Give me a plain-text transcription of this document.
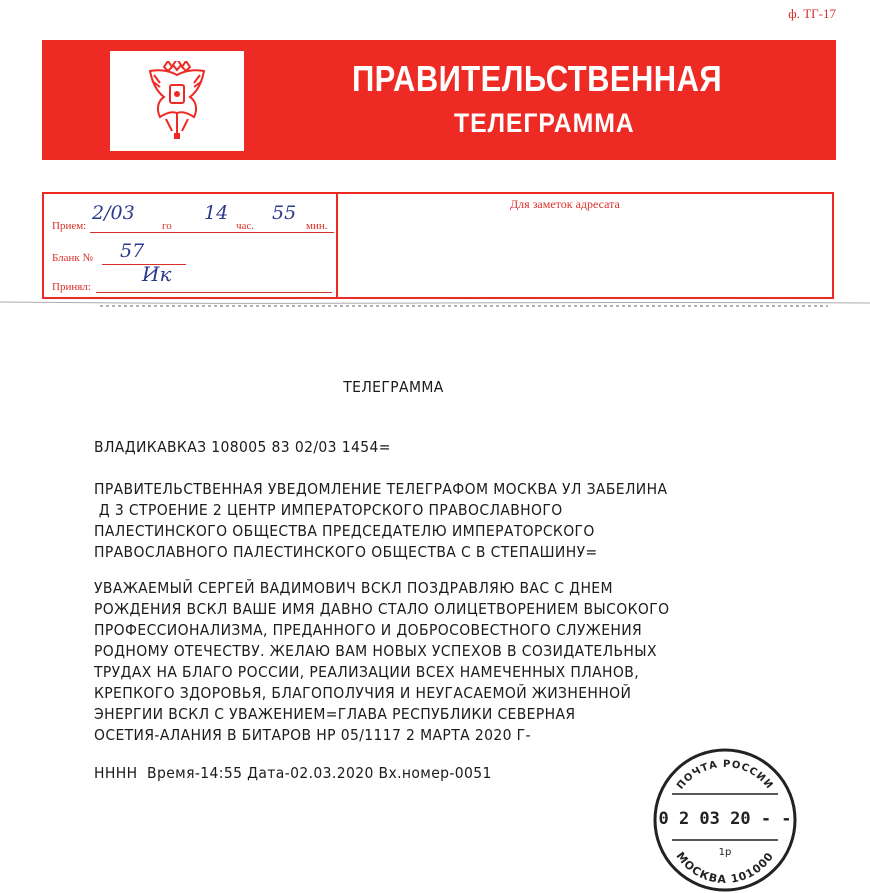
ф. ТГ-17
ПРАВИТЕЛЬСТВЕННАЯ
ТЕЛЕГРАММА
Прием:
2/03
го
14
час.
55
мин.
Бланк № 57
Принял:
Ик
Для заметок адресата
ТЕЛЕГРАММА
ВЛАДИКАВКАЗ 108005 83 02/03 1454=
ПРАВИТЕЛЬСТВЕННАЯ УВЕДОМЛЕНИЕ ТЕЛЕГРАФОМ МОСКВА УЛ ЗАБЕЛИНА
Д 3 СТРОЕНИЕ 2 ЦЕНТР ИМПЕРАТОРСКОГО ПРАВОСЛАВНОГО
ПАЛЕСТИНСКОГО ОБЩЕСТВА ПРЕДСЕДАТЕЛЮ ИМПЕРАТОРСКОГО
ПРАВОСЛАВНОГО ПАЛЕСТИНСКОГО ОБЩЕСТВА С В СТЕПАШИНУ=
УВАЖАЕМЫЙ СЕРГЕЙ ВАДИМОВИЧ ВСКЛ ПОЗДРАВЛЯЮ ВАС С ДНЕМ
РОЖДЕНИЯ ВСКЛ ВАШЕ ИМЯ ДАВНО СТАЛО ОЛИЦЕТВОРЕНИЕМ ВЫСОКОГО
ПРОФЕССИОНАЛИЗМА, ПРЕДАННОГО И ДОБРОСОВЕСТНОГО СЛУЖЕНИЯ
РОДНОМУ ОТЕЧЕСТВУ. ЖЕЛАЮ ВАМ НОВЫХ УСПЕХОВ В СОЗИДАТЕЛЬНЫХ
ТРУДАХ НА БЛАГО РОССИИ, РЕАЛИЗАЦИИ ВСЕХ НАМЕЧЕННЫХ ПЛАНОВ,
КРЕПКОГО ЗДОРОВЬЯ, БЛАГОПОЛУЧИЯ И НЕУГАСАЕМОЙ ЖИЗНЕННОЙ
ЭНЕРГИИ ВСКЛ С УВАЖЕНИЕМ=ГЛАВА РЕСПУБЛИКИ СЕВЕРНАЯ
ОСЕТИЯ-АЛАНИЯ В БИТАРОВ НР 05/1117 2 МАРТА 2020 Г-
НННН  Время-14:55 Дата-02.03.2020 Вх.номер-0051
ПОЧТА РОССИИ
0 2 03 20 - -
1р
МОСКВА 101000
